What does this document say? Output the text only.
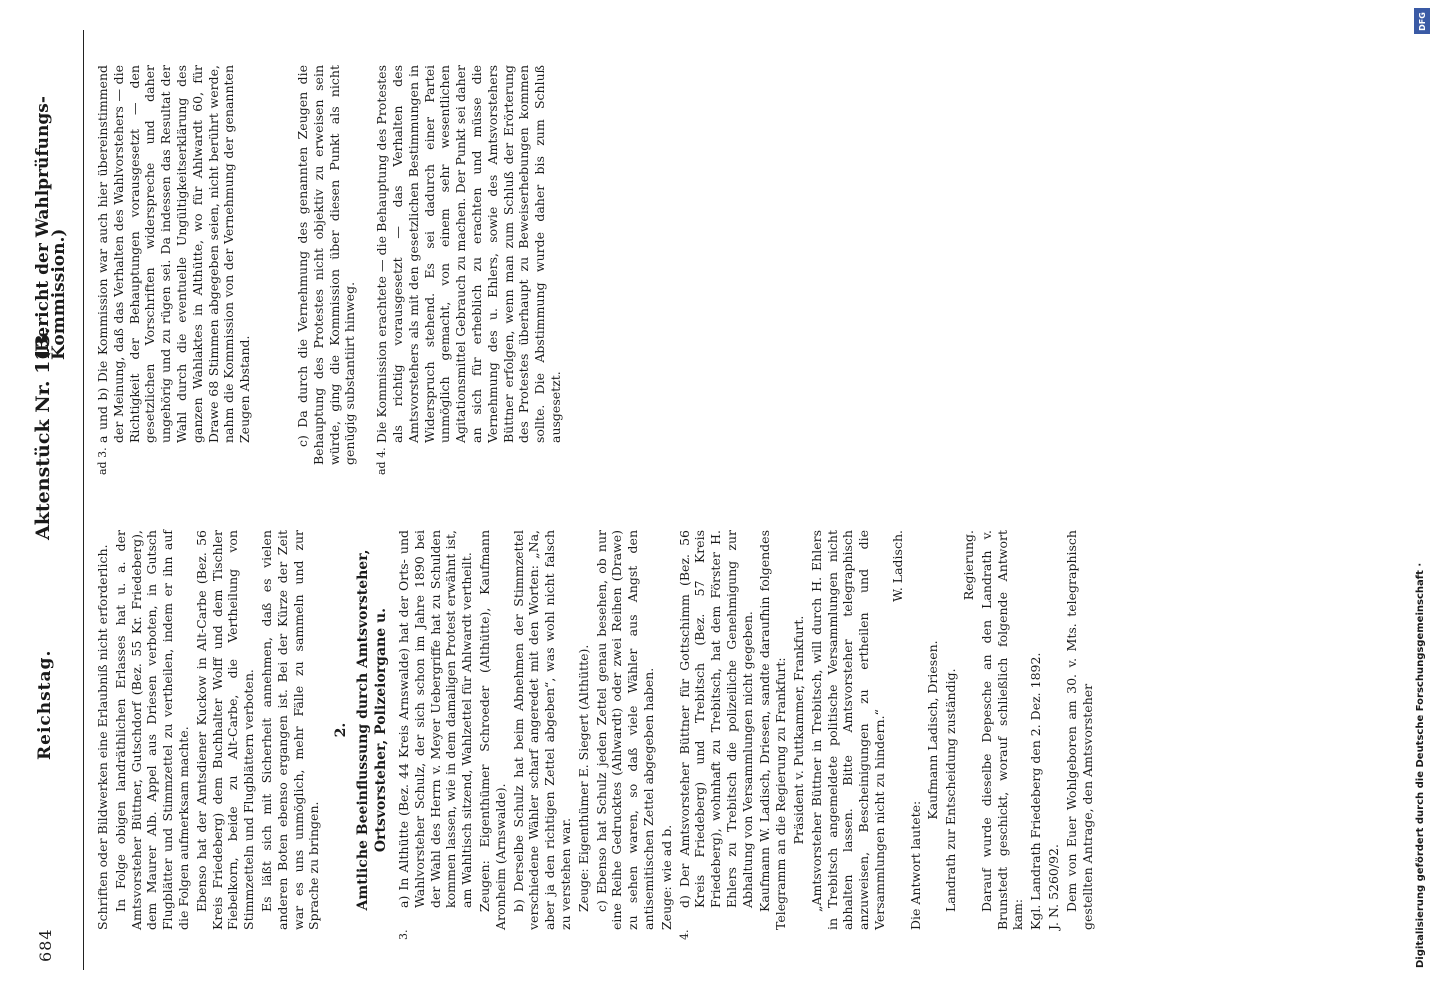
684
Reichstag.
Aktenstück Nr. 113.
(Bericht der Wahlprüfungs-Kommission.)

Schriften oder Bildwerken eine Erlaubniß nicht erforderlich. In Folge obigen landräthlichen Erlasses hat u. a. der Amtsvorsteher Büttner, Gutschdorf (Bez. 55 Kr. Friedeberg), dem Maurer Alb. Appel aus Driesen verboten, in Gutsch Flugblätter und Stimmzettel zu vertheilen, indem er ihn auf die Folgen aufmerksam machte. Ebenso hat der Amtsdiener Kuckow in Alt-Carbe (Bez. 56 Kreis Friedeberg) dem Buchhalter Wolff und dem Tischler Fiebelkorn, beide zu Alt-Carbe, die Vertheilung von Stimmzetteln und Flugblättern verboten. Es läßt sich mit Sicherheit annehmen, daß es vielen anderen Boten ebenso ergangen ist. Bei der Kürze der Zeit war es uns unmöglich, mehr Fälle zu sammeln und zur Sprache zu bringen.

2. Amtliche Beeinflussung durch Amtsvorsteher, Ortsvorsteher, Polizeiorgane u.
3.

a) In Althütte (Bez. 44 Kreis Arnswalde) hat der Orts- und Wahlvorsteher Schulz, der sich schon im Jahre 1890 bei der Wahl des Herrn v. Meyer Uebergriffe hat zu Schulden kommen lassen, wie in dem damaligen Protest erwähnt ist, am Wahltisch sitzend, Wahlzettel für Ahlwardt vertheilt. Zeugen: Eigenthümer Schroeder (Althütte), Kaufmann Aronheim (Arnswalde). b) Derselbe Schulz hat beim Abnehmen der Stimmzettel verschiedene Wähler scharf angeredet mit den Worten: „Na, aber ja den richtigen Zettel abgeben“, was wohl nicht falsch zu verstehen war. Zeuge: Eigenthümer E. Siegert (Althütte). c) Ebenso hat Schulz jeden Zettel genau besehen, ob nur eine Reihe Gedrucktes (Ahlwardt) oder zwei Reihen (Drawe) zu sehen waren, so daß viele Wähler aus Angst den antisemitischen Zettel abgegeben haben. Zeuge: wie ad b.

4.

d) Der Amtsvorsteher Büttner für Gottschimm (Bez. 56 Kreis Friedeberg) und Trebitsch (Bez. 57 Kreis Friedeberg), wohnhaft zu Trebitsch, hat dem Förster H. Ehlers zu Trebitsch die polizeiliche Genehmigung zur Abhaltung von Versammlungen nicht gegeben. Kaufmann W. Ladisch, Driesen, sandte daraufhin folgendes Telegramm an die Regierung zu Frankfurt: Präsident v. Puttkammer, Frankfurt. „Amtsvorsteher Büttner in Trebitsch, will durch H. Ehlers in Trebitsch angemeldete politische Versammlungen nicht abhalten lassen. Bitte Amtsvorsteher telegraphisch anzuweisen, Bescheinigungen zu ertheilen und die Versammlungen nicht zu hindern.“

W. Ladisch.

Die Antwort lautete:

Kaufmann Ladisch, Driesen. Landrath zur Entscheidung zuständig.

Regierung. Darauf wurde dieselbe Depesche an den Landrath v. Brunstedt geschickt, worauf schließlich folgende Antwort kam: Kgl. Landrath Friedeberg den 2. Dez. 1892. J. N. 5260/92. Dem von Euer Wohlgeboren am 30. v. Mts. telegraphisch gestellten Antrage, den Amtsvorsteher

ad 3.

a und b) Die Kommission war auch hier übereinstimmend der Meinung, daß das Verhalten des Wahlvorstehers — die Richtigkeit der Behauptungen vorausgesetzt — den gesetzlichen Vorschriften widerspreche und daher ungehörig und zu rügen sei. Da indessen das Resultat der Wahl durch die eventuelle Ungültigkeitserklärung des ganzen Wahlaktes in Althütte, wo für Ahlwardt 60, für Drawe 68 Stimmen abgegeben seien, nicht berührt werde, nahm die Kommission von der Vernehmung der genannten Zeugen Abstand.	c) Da durch die Vernehmung des genannten Zeugen die Behauptung des Protestes nicht objektiv zu erweisen sein würde, ging die Kommission über diesen Punkt als nicht genügig substantiirt hinweg. ad 4.

Die Kommission erachtete — die Behauptung des Protestes als richtig vorausgesetzt — das Verhalten des Amtsvorstehers als mit den gesetzlichen Bestimmungen in Widerspruch stehend. Es sei dadurch einer Partei unmöglich gemacht, von einem sehr wesentlichen Agitationsmittel Gebrauch zu machen. Der Punkt sei daher an sich für erheblich zu erachten und müsse die Vernehmung des u. Ehlers, sowie des Amtsvorstehers Büttner erfolgen, wenn man zum Schluß der Erörterung des Protestes überhaupt zu Beweiserhebungen kommen sollte. Die Abstimmung wurde daher bis zum Schluß ausgesetzt.

DFG
Digitalisierung gefördert durch die Deutsche Forschungsgemeinschaft ·
